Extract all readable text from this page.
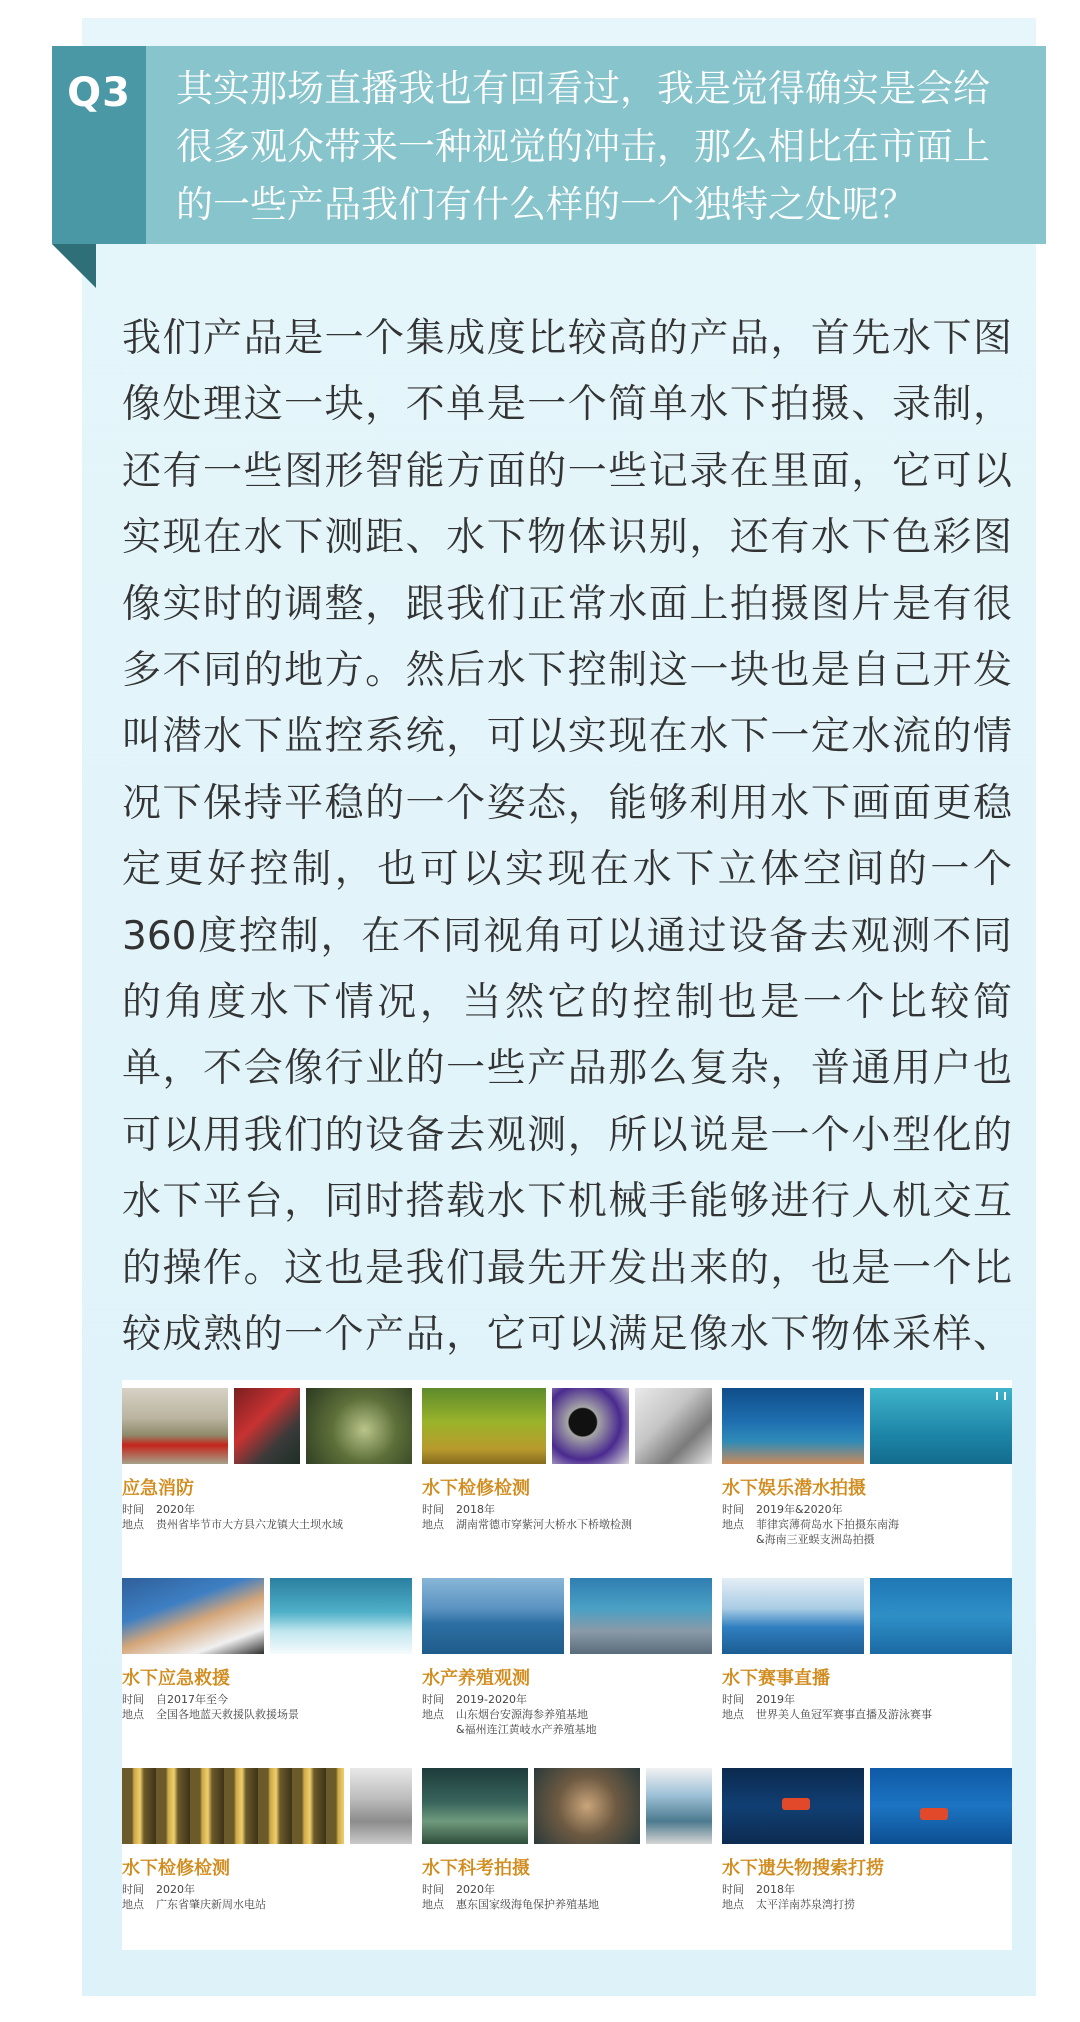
Q3	其实那场直播我也有回看过，我是觉得确实是会给很多观众带来一种视觉的冲击，那么相比在市面上的一些产品我们有什么样的一个独特之处呢？

我们产品是一个集成度比较高的产品，首先水下图像处理这一块，不单是一个简单水下拍摄、录制，还有一些图形智能方面的一些记录在里面，它可以实现在水下测距、水下物体识别，还有水下色彩图像实时的调整，跟我们正常水面上拍摄图片是有很多不同的地方。然后水下控制这一块也是自己开发叫潜水下监控系统，可以实现在水下一定水流的情况下保持平稳的一个姿态，能够利用水下画面更稳定更好控制，也可以实现在水下立体空间的一个360度控制，在不同视角可以通过设备去观测不同的角度水下情况，当然它的控制也是一个比较简单，不会像行业的一些产品那么复杂，普通用户也可以用我们的设备去观测，所以说是一个小型化的水下平台，同时搭载水下机械手能够进行人机交互的操作。这也是我们最先开发出来的，也是一个比较成熟的一个产品，它可以满足像水下物体采样、

应急消防
时间	2020年
地点	贵州省毕节市大方县六龙镇大土坝水域
水下检修检测
时间	2018年
地点	湖南常德市穿紫河大桥水下桥墩检测
水下娱乐潜水拍摄
时间	2019年&2020年
地点	菲律宾薄荷岛水下拍摄东南海
&海南三亚蜈支洲岛拍摄
水下应急救援
时间	自2017年至今
地点	全国各地蓝天救援队救援场景
水产养殖观测
时间	2019-2020年
地点	山东烟台安源海参养殖基地
&福州连江黄岐水产养殖基地
水下赛事直播
时间	2019年
地点	世界美人鱼冠军赛事直播及游泳赛事
水下检修检测
时间	2020年
地点	广东省肇庆新周水电站
水下科考拍摄
时间	2020年
地点	惠东国家级海龟保护养殖基地
水下遗失物搜索打捞
时间	2018年
地点	太平洋南苏泉湾打捞
